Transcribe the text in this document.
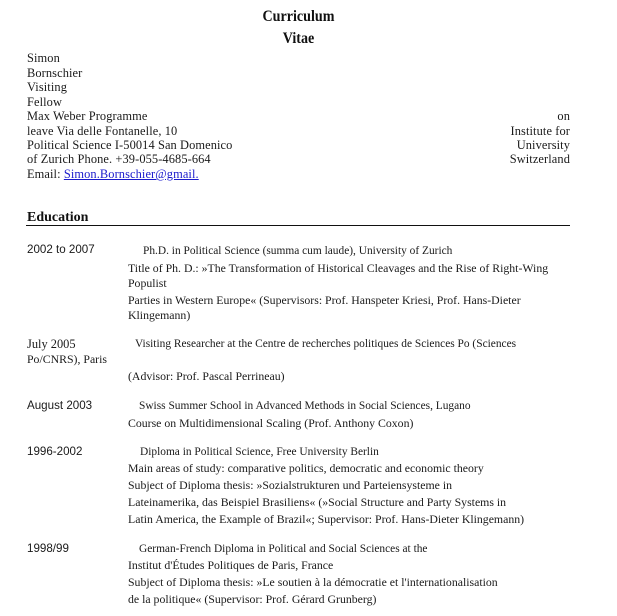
Curriculum
Vitae
Simon
Bornschier
Visiting
Fellow
Max Weber Programme
leave Via delle Fontanelle, 10
Political Science I-50014 San Domenico
of Zurich Phone. +39-055-4685-664
Email: Simon.Bornschier@gmail.
on
Institute for
University
Switzerland
Education
2002 to 2007	Ph.D. in Political Science (summa cum laude), University of Zurich
Title of Ph. D.: »The Transformation of Historical Cleavages and the Rise of Right-Wing
Populist
Parties in Western Europe« (Supervisors: Prof. Hanspeter Kriesi, Prof. Hans-Dieter
Klingemann)
July 2005	Visiting Researcher at the Centre de recherches politiques de Sciences Po (Sciences
Po/CNRS), Paris
(Advisor: Prof. Pascal Perrineau)
August 2003	Swiss Summer School in Advanced Methods in Social Sciences, Lugano
Course on Multidimensional Scaling (Prof. Anthony Coxon)
1996-2002	Diploma in Political Science, Free University Berlin
Main areas of study: comparative politics, democratic and economic theory
Subject of Diploma thesis: »Sozialstrukturen und Parteiensysteme in
Lateinamerika, das Beispiel Brasiliens« (»Social Structure and Party Systems in
Latin America, the Example of Brazil«; Supervisor: Prof. Hans-Dieter Klingemann)
1998/99	German-French Diploma in Political and Social Sciences at the
Institut d'Études Politiques de Paris, France
Subject of Diploma thesis: »Le soutien à la démocratie et l'internationalisation
de la politique« (Supervisor: Prof. Gérard Grunberg)
